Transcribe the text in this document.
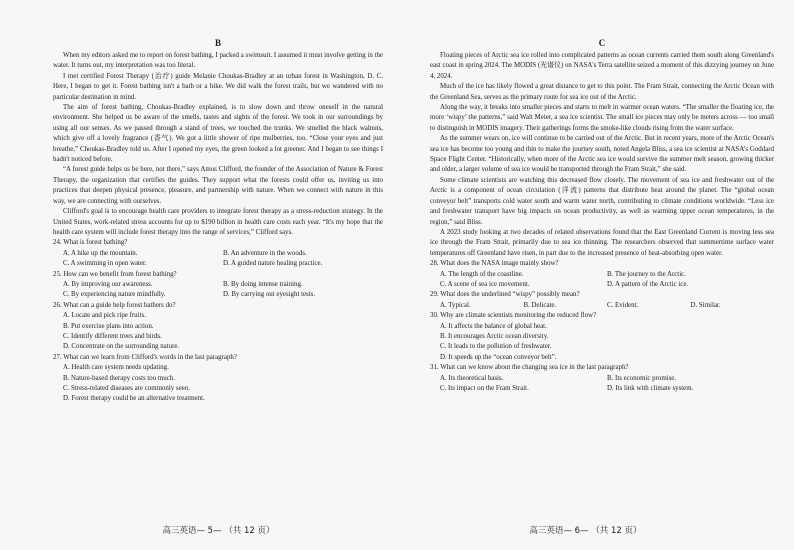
B

When my editors asked me to report on forest bathing, I packed a swimsuit. I assumed it must involve getting in the water. It turns out, my interpretation was too literal.

I met certified Forest Therapy (治疗) guide Melanie Choukas-Bradley at an urban forest in Washington, D. C. Here, I began to get it. Forest bathing isn't a bath or a hike. We did walk the forest trails, but we wandered with no particular destination in mind.

The aim of forest bathing, Choukas-Bradley explained, is to slow down and throw oneself in the natural environment. She helped us be aware of the smells, tastes and sights of the forest. We took in our surroundings by using all our senses. As we passed through a stand of trees, we touched the trunks. We smelled the black walnuts, which give off a lovely fragrance (香气). We got a little shower of ripe mulberries, too. “Close your eyes and just breathe,” Choukas-Bradley told us. After I opened my eyes, the green looked a lot greener. And I began to see things I hadn't noticed before.

“A forest guide helps us be here, not there,” says Amos Clifford, the founder of the Association of Nature & Forest Therapy, the organization that certifies the guides. They support what the forests could offer us, inviting us into practices that deepen physical presence, pleasure, and partnership with nature. When we connect with nature in this way, we are connecting with ourselves.

Clifford's goal is to encourage health care providers to integrate forest therapy as a stress-reduction strategy. In the United States, work-related stress accounts for up to $190 billion in health care costs each year. “It's my hope that the health care system will include forest therapy into the range of services,” Clifford says.

24. What is forest bathing?
A. A hike up the mountain.	B. An adventure in the woods.
C. A swimming in open water.	D. A guided nature healing practice.
25. How can we benefit from forest bathing?
A. By improving our awareness.	B. By doing intense training.
C. By experiencing nature mindfully.	D. By carrying out eyesight tests.
26. What can a guide help forest bathers do?
A. Locate and pick ripe fruits.
B. Put exercise plans into action.
C. Identify different trees and birds.
D. Concentrate on the surrounding nature.
27. What can we learn from Clifford's words in the last paragraph?
A. Health care system needs updating.
B. Nature-based therapy costs too much.
C. Stress-related diseases are commonly seen.
D. Forest therapy could be an alternative treatment.
高三英语— 5— （共 12 页）
C

Floating pieces of Arctic sea ice rolled into complicated patterns as ocean currents carried them south along Greenland's east coast in spring 2024. The MODIS (光谱仪) on NASA's Terra satellite seized a moment of this dizzying journey on June 4, 2024.

Much of the ice has likely flowed a great distance to get to this point. The Fram Strait, connecting the Arctic Ocean with the Greenland Sea, serves as the primary route for sea ice out of the Arctic.

Along the way, it breaks into smaller pieces and starts to melt in warmer ocean waters. “The smaller the floating ice, the more ‘wispy’ the patterns,” said Walt Meier, a sea ice scientist. The small ice pieces may only be meters across — too small to distinguish in MODIS imagery. Their gatherings forms the smoke-like clouds rising from the water surface.

As the summer wears on, ice will continue to be carried out of the Arctic. But in recent years, more of the Arctic Ocean's sea ice has become too young and thin to make the journey south, noted Angela Bliss, a sea ice scientist at NASA's Goddard Space Flight Center. “Historically, when more of the Arctic sea ice would survive the summer melt season, growing thicker and older, a larger volume of sea ice would be transported through the Fram Strait,” she said.

Some climate scientists are watching this decreased flow closely. The movement of sea ice and freshwater out of the Arctic is a component of ocean circulation (洋流) patterns that distribute heat around the planet. The “global ocean conveyor belt” transports cold water south and warm water north, contributing to climate conditions worldwide. “Less ice and freshwater transport have big impacts on ocean productivity, as well as warming upper ocean temperatures, in the region,” said Bliss.

A 2023 study looking at two decades of related observations found that the East Greenland Current is moving less sea ice through the Fram Strait, primarily due to sea ice thinning. The researchers observed that summertime surface water temperatures off Greenland have risen, in part due to the increased presence of heat-absorbing open water.

28. What does the NASA image mainly show?
A. The length of the coastline.	B. The journey to the Arctic.
C. A scene of sea ice movement.	D. A pattern of the Arctic ice.
29. What does the underlined “wispy” possibly mean?
A. Typical.	B. Delicate.	C. Evident.	D. Similar.
30. Why are climate scientists monitoring the reduced flow?
A. It affects the balance of global heat.
B. It encourages Arctic ocean diversity.
C. It leads to the pollution of freshwater.
D. It speeds up the “ocean conveyor belt”.
31. What can we know about the changing sea ice in the last paragraph?
A. Its theoretical basis.	B. Its economic promise.
C. Its impact on the Fram Strait.	D. Its link with climate system.
高三英语— 6— （共 12 页）
